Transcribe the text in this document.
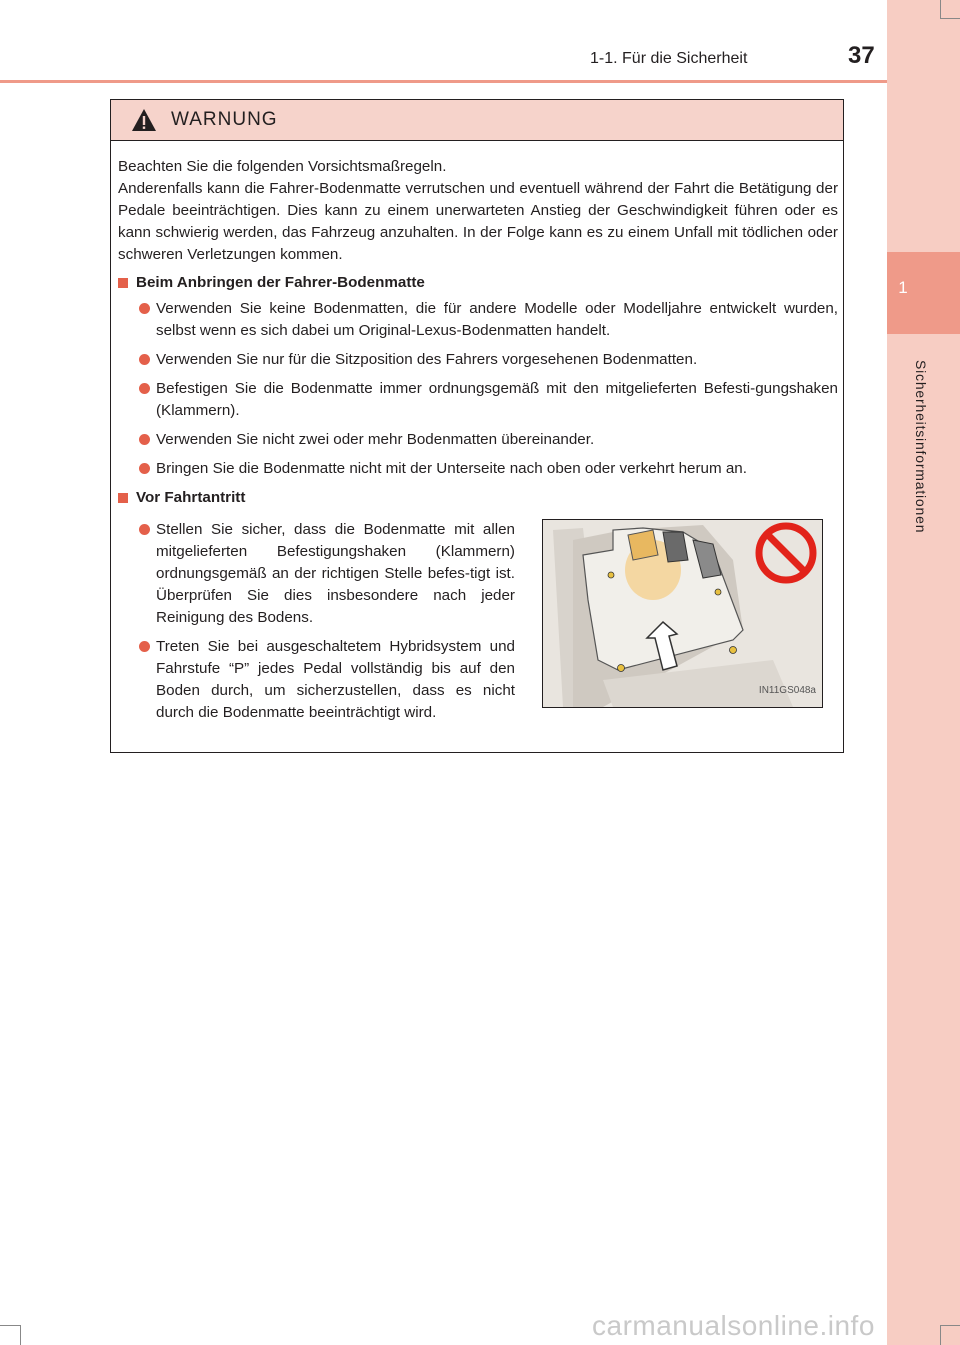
1
Sicherheitsinformationen
1-1. Für die Sicherheit	37
WARNUNG
Beachten Sie die folgenden Vorsichtsmaßregeln.
Anderenfalls kann die Fahrer-Bodenmatte verrutschen und eventuell während der Fahrt die Betätigung der Pedale beeinträchtigen. Dies kann zu einem unerwarteten Anstieg der Geschwindigkeit führen oder es kann schwierig werden, das Fahrzeug anzuhalten. In der Folge kann es zu einem Unfall mit tödlichen oder schweren Verletzungen kommen.
Beim Anbringen der Fahrer-Bodenmatte
Verwenden Sie keine Bodenmatten, die für andere Modelle oder Modelljahre entwickelt wurden, selbst wenn es sich dabei um Original-Lexus-Bodenmatten handelt.
Verwenden Sie nur für die Sitzposition des Fahrers vorgesehenen Bodenmatten.
Befestigen Sie die Bodenmatte immer ordnungsgemäß mit den mitgelieferten Befesti-gungshaken (Klammern).
Verwenden Sie nicht zwei oder mehr Bodenmatten übereinander.
Bringen Sie die Bodenmatte nicht mit der Unterseite nach oben oder verkehrt herum an.
Vor Fahrtantritt
Stellen Sie sicher, dass die Bodenmatte mit allen mitgelieferten Befestigungshaken (Klammern) ordnungsgemäß an der richtigen Stelle befes-tigt ist. Überprüfen Sie dies insbesondere nach jeder Reinigung des Bodens.
Treten Sie bei ausgeschaltetem Hybridsystem und Fahrstufe “P” jedes Pedal vollständig bis auf den Boden durch, um sicherzustellen, dass es nicht durch die Bodenmatte beeinträchtigt wird.
IN11GS048a
carmanualsonline.info
